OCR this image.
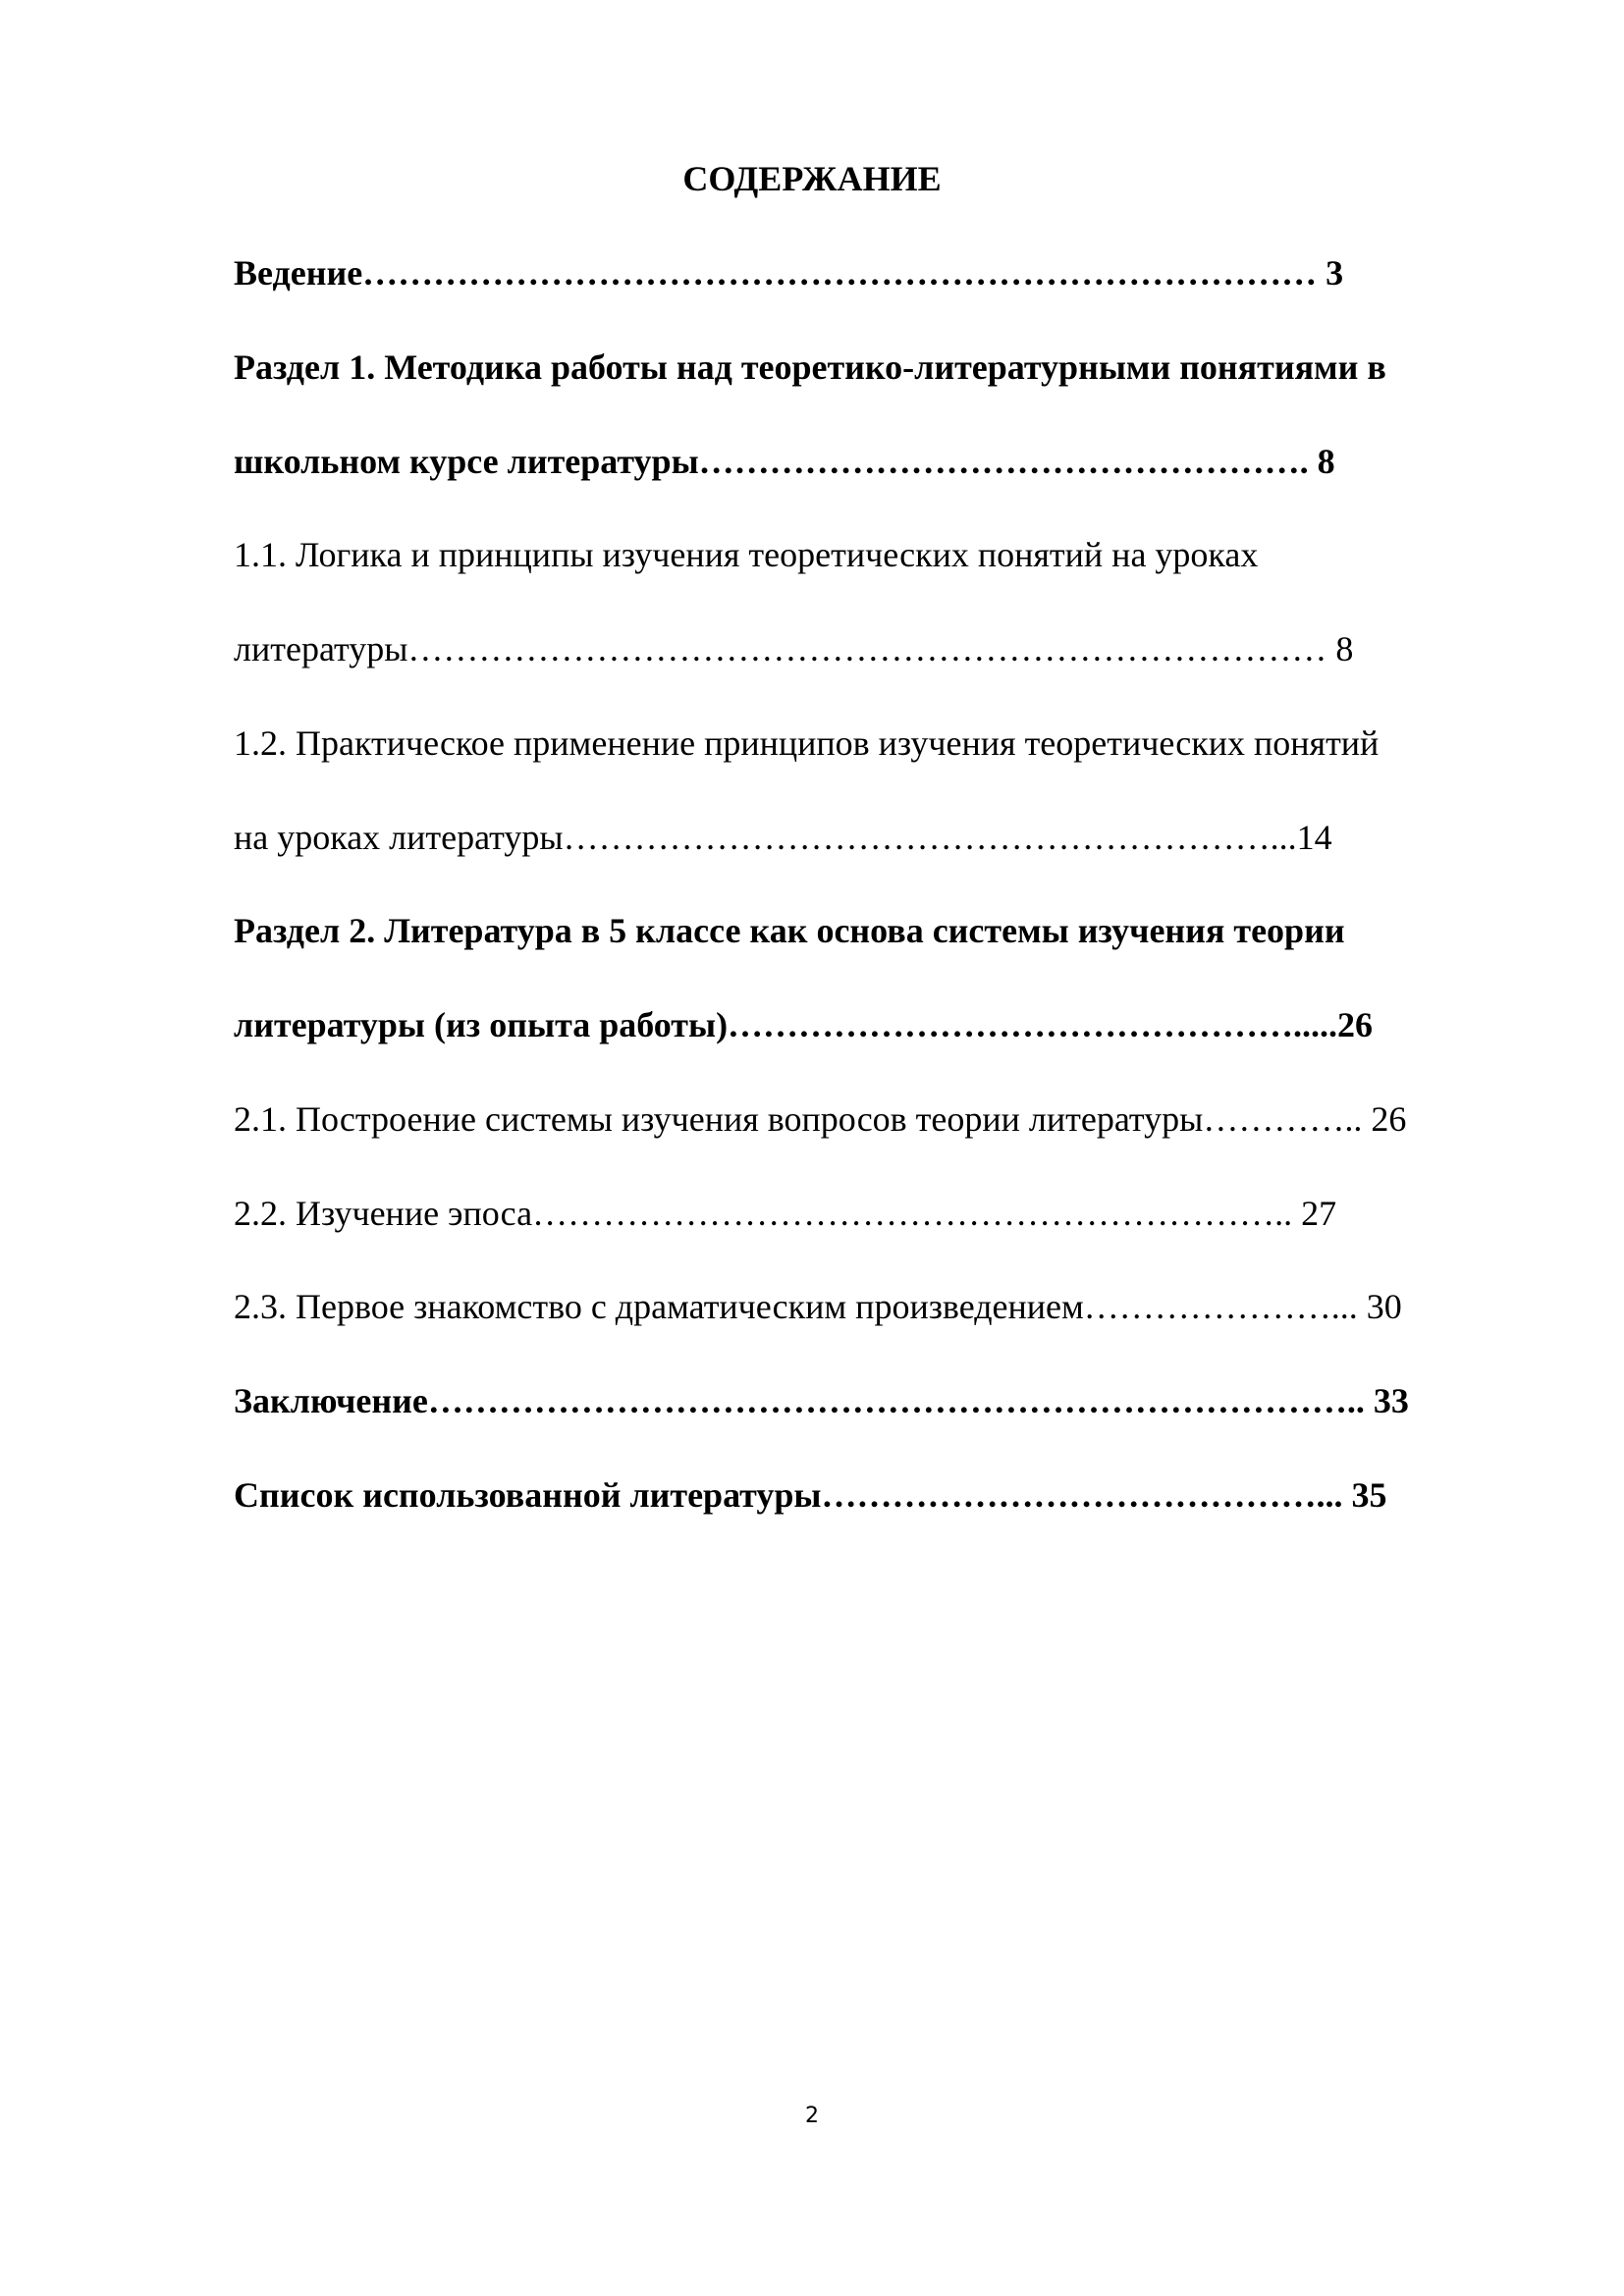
СОДЕРЖАНИЕ
Ведение……………………………………………………………………… 3
Раздел 1. Методика работы над теоретико-литературными понятиями в
школьном курсе литературы……………………………………………. 8
1.1. Логика и принципы изучения теоретических понятий на уроках
литературы…………………………………………………………………… 8
1.2. Практическое применение принципов изучения теоретических понятий
на уроках литературы……………………………………………………...14
Раздел 2. Литература в 5 классе как основа системы изучения теории
литературы (из опыта работы)………………………………………….....26
2.1. Построение системы изучения вопросов теории литературы………….. 26
2.2. Изучение эпоса……………………………………………………….. 27
2.3. Первое знакомство с драматическим произведением…………………... 30
Заключение…………………………………………………………………….. 33
Список использованной литературы……………………………………... 35
2
